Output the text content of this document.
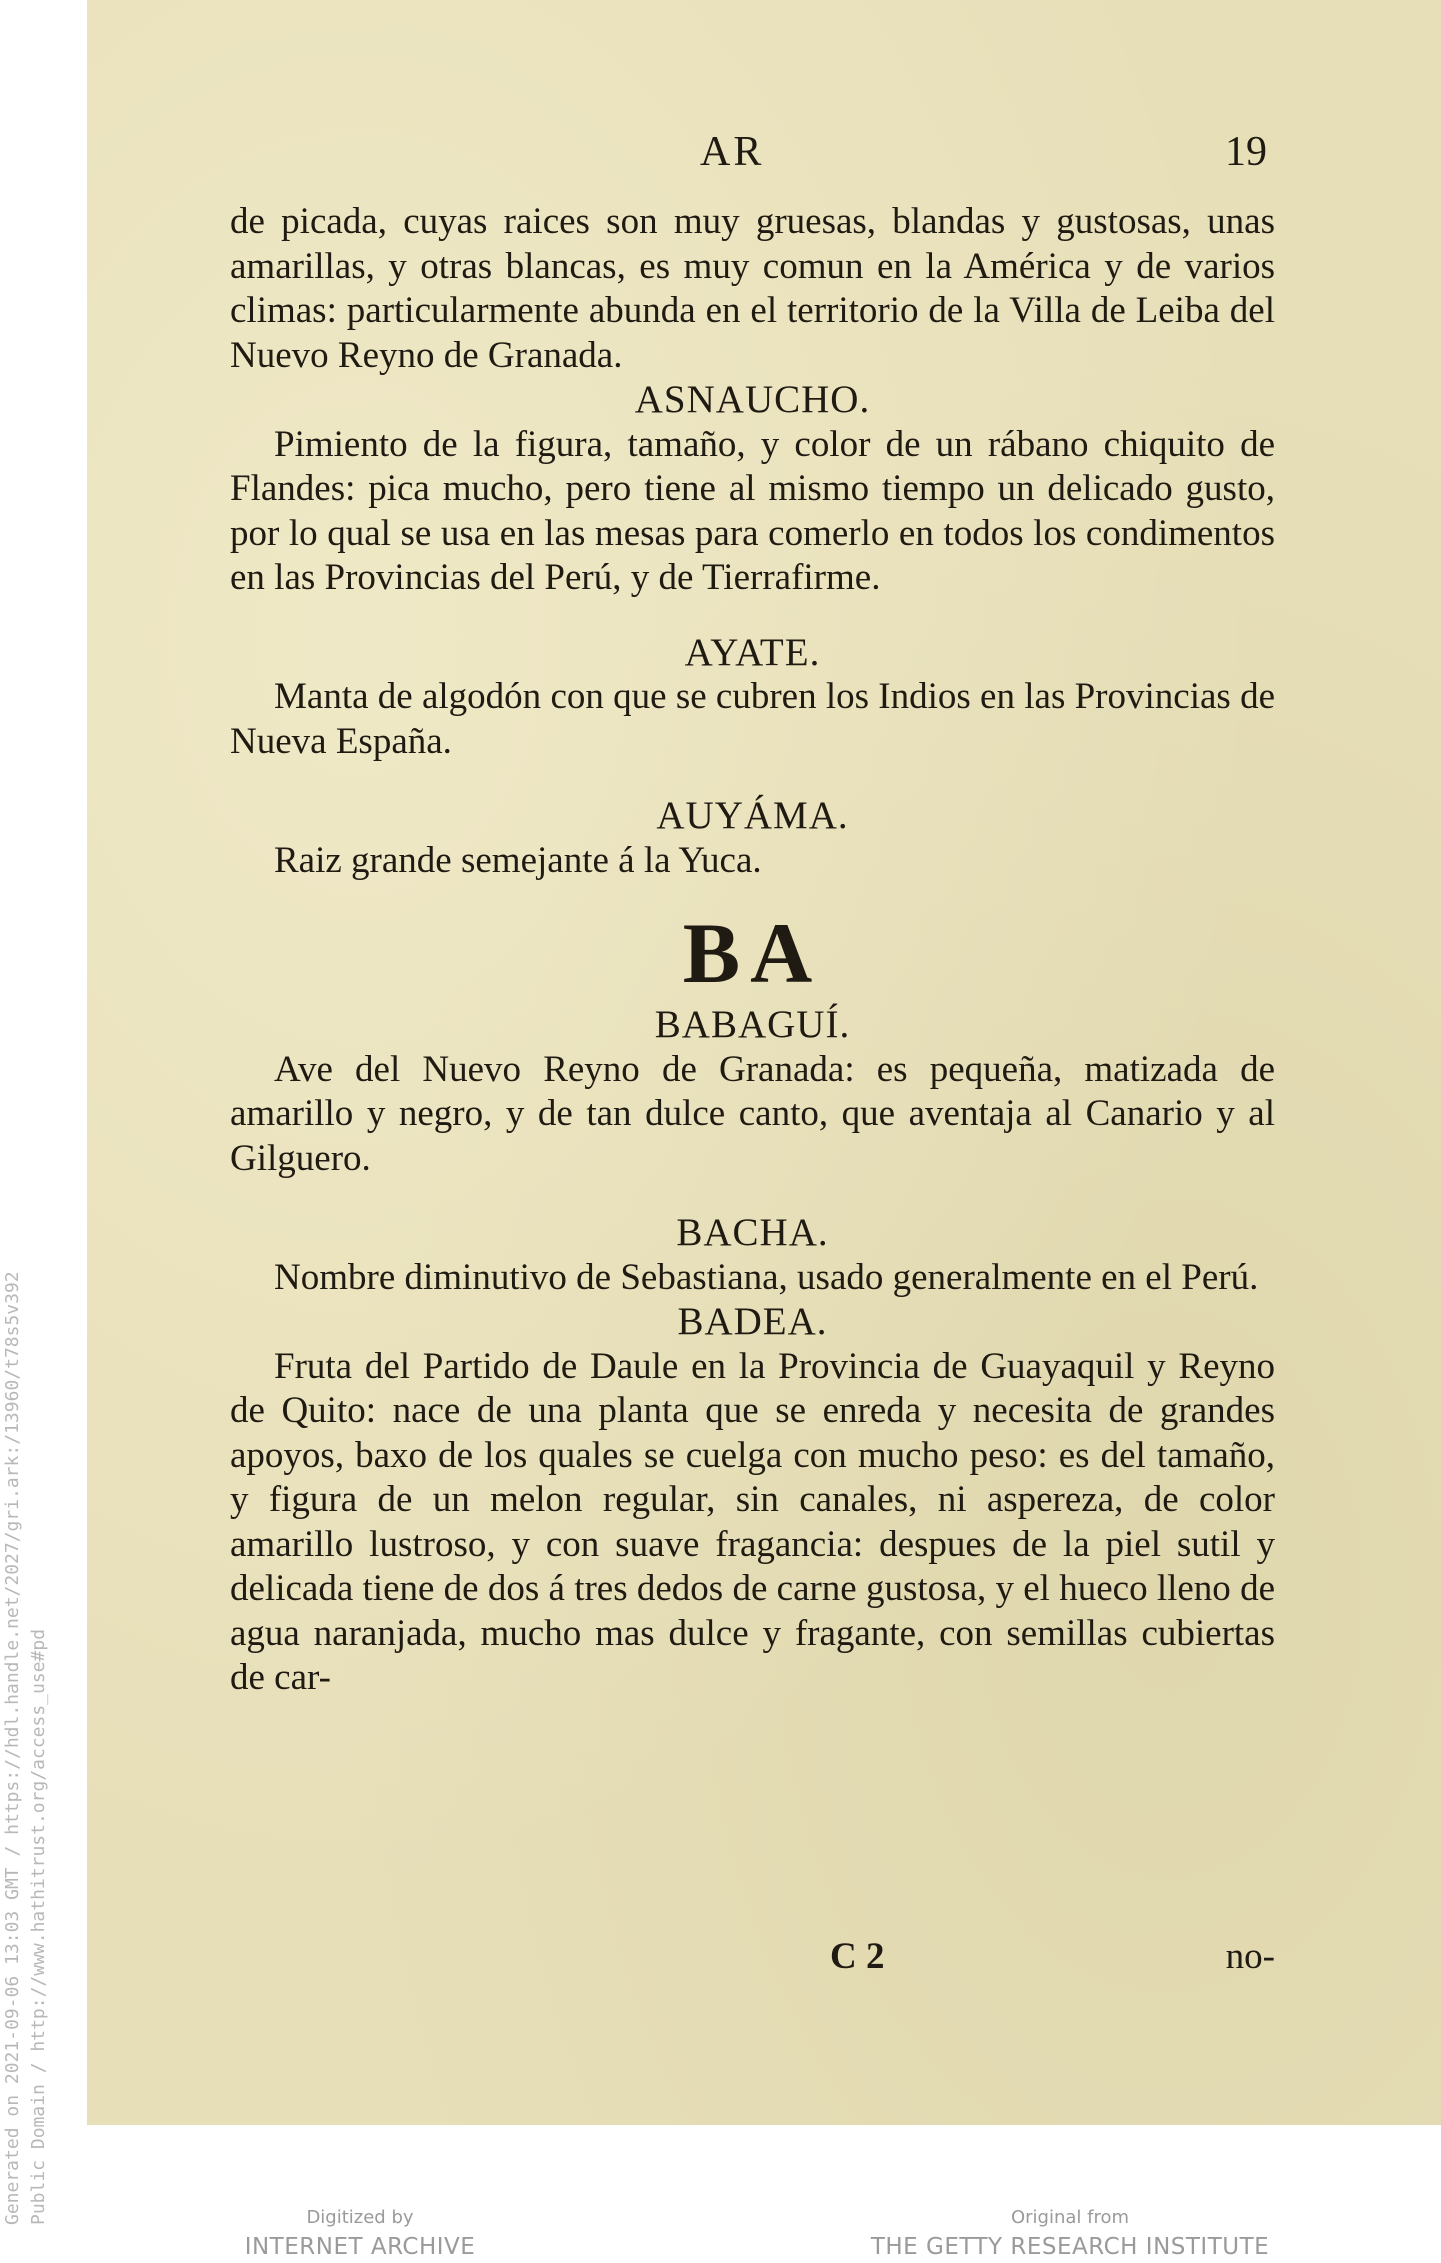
Generated on 2021-09-06 13:03 GMT / https://hdl.handle.net/2027/gri.ark:/13960/t78s5v392 Public Domain / http://www.hathitrust.org/access_use#pd
AR	19

de picada, cuyas raices son muy gruesas, blandas y gustosas, unas amarillas, y otras blancas, es muy comun en la América y de varios climas: particularmente abunda en el territorio de la Villa de Leiba del Nuevo Reyno de Granada.

ASNAUCHO.

Pimiento de la figura, tamaño, y color de un rábano chiquito de Flandes: pica mucho, pero tiene al mismo tiempo un delicado gusto, por lo qual se usa en las mesas para comerlo en todos los condimentos en las Provincias del Perú, y de Tierrafirme.

AYATE.

Manta de algodón con que se cubren los Indios en las Provincias de Nueva España.

AUYÁMA.

Raiz grande semejante á la Yuca.

BA

BABAGUÍ.

Ave del Nuevo Reyno de Granada: es pequeña, matizada de amarillo y negro, y de tan dulce canto, que aventaja al Canario y al Gilguero.

BACHA.

Nombre diminutivo de Sebastiana, usado generalmente en el Perú.

BADEA.

Fruta del Partido de Daule en la Provincia de Guayaquil y Reyno de Quito: nace de una planta que se enreda y necesita de grandes apoyos, baxo de los quales se cuelga con mucho peso: es del tamaño, y figura de un melon regular, sin canales, ni aspereza, de color amarillo lustroso, y con suave fragancia: despues de la piel sutil y delicada tiene de dos á tres dedos de carne gustosa, y el hueco lleno de agua naranjada, mucho mas dulce y fragante, con semillas cubiertas de car-

C 2	no-
Digitized by
INTERNET ARCHIVE
Original from
THE GETTY RESEARCH INSTITUTE
